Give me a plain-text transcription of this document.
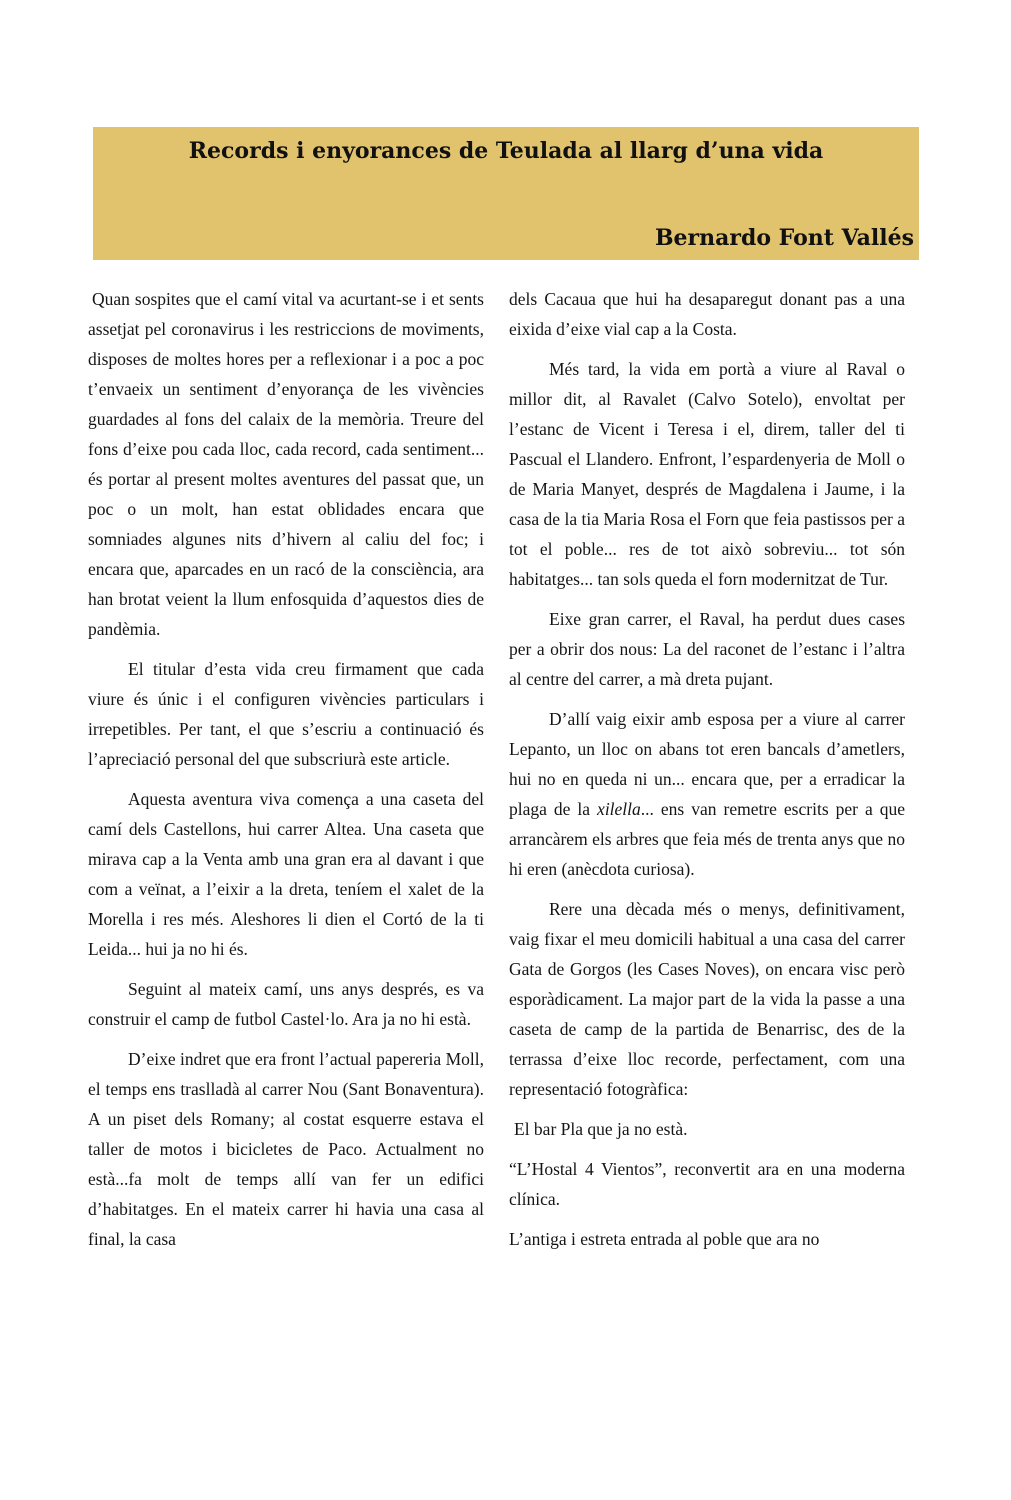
Records i enyorances de Teulada al llarg d’una vida
Bernardo Font Vallés

Quan sospites que el camí vital va acurtant-se i et sents assetjat pel coronavirus i les restriccions de moviments, disposes de moltes hores per a reflexionar i a poc a poc t’envaeix un sentiment d’enyorança de les vivències guardades al fons del calaix de la memòria. Treure del fons d’eixe pou cada lloc, cada record, cada sentiment... és portar al present moltes aventures del passat que, un poc o un molt, han estat oblidades encara que somniades algunes nits d’hivern al caliu del foc; i encara que, aparcades en un racó de la consciència, ara han brotat veient la llum enfosquida d’aquestos dies de pandèmia.

El titular d’esta vida creu firmament que cada viure és únic i el configuren vivències particulars i irrepetibles. Per tant, el que s’escriu a continuació és l’apreciació personal del que subscriurà este article.

Aquesta aventura viva comença a una caseta del camí dels Castellons, hui carrer Altea. Una caseta que mirava cap a la Venta amb una gran era al davant i que com a veïnat, a l’eixir a la dreta, teníem el xalet de la Morella i res més. Aleshores li dien el Cortó de la ti Leida... hui ja no hi és.

Seguint al mateix camí, uns anys després, es va construir el camp de futbol Castel·lo. Ara ja no hi està.

D’eixe indret que era front l’actual papereria Moll, el temps ens traslladà al carrer Nou (Sant Bonaventura). A un piset dels Romany; al costat esquerre estava el taller de motos i bicicletes de Paco. Actualment no està...fa molt de temps allí van fer un edifici d’habitatges. En el mateix carrer hi havia una casa al final, la casa

dels Cacaua que hui ha desaparegut donant pas a una eixida d’eixe vial cap a la Costa.

Més tard, la vida em portà a viure al Raval o millor dit, al Ravalet (Calvo Sotelo), envoltat per l’estanc de Vicent i Teresa i el, direm, taller del ti Pascual el Llandero. Enfront, l’espardenyeria de Moll o de Maria Manyet, després de Magdalena i Jaume, i la casa de la tia Maria Rosa el Forn que feia pastissos per a tot el poble... res de tot això sobreviu... tot són habitatges... tan sols queda el forn modernitzat de Tur.

Eixe gran carrer, el Raval, ha perdut dues cases per a obrir dos nous: La del raconet de l’estanc i l’altra al centre del carrer, a mà dreta pujant.

D’allí vaig eixir amb esposa per a viure al carrer Lepanto, un lloc on abans tot eren bancals d’ametlers, hui no en queda ni un... encara que, per a erradicar la plaga de la xilella... ens van remetre escrits per a que arrancàrem els arbres que feia més de trenta anys que no hi eren (anècdota curiosa).

Rere una dècada més o menys, definitivament, vaig fixar el meu domicili habitual a una casa del carrer Gata de Gorgos (les Cases Noves), on encara visc però esporàdicament. La major part de la vida la passe a una caseta de camp de la partida de Benarrisc, des de la terrassa d’eixe lloc recorde, perfectament, com una representació fotogràfica:

El bar Pla que ja no està.

“L’Hostal 4 Vientos”, reconvertit ara en una moderna clínica.

L’antiga i estreta entrada al poble que ara no
